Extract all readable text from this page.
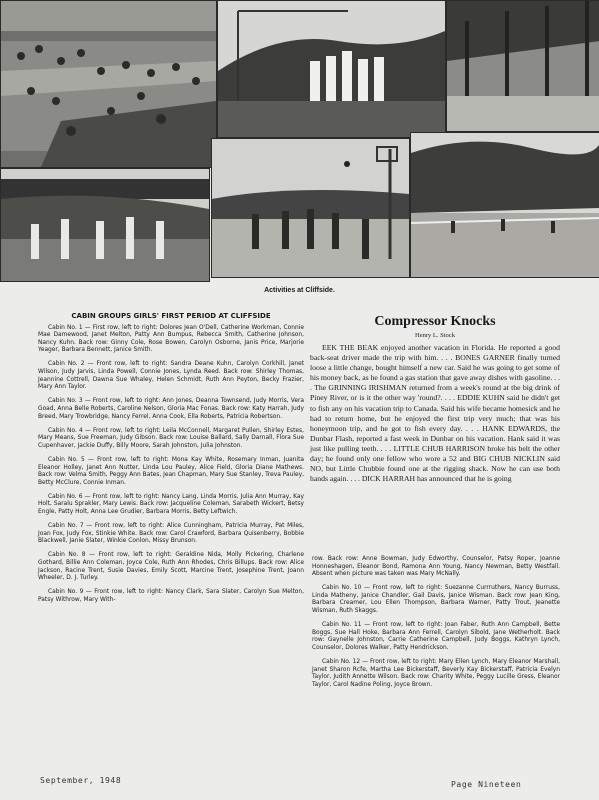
Activities at Cliffside.
CABIN GROUPS GIRLS' FIRST PERIOD AT CLIFFSIDE

Cabin No. 1 — First row, left to right: Dolores Jean O'Dell, Catherine Workman, Connie Mae Damewood, Janet Melton, Patty Ann Bumpus, Rebecca Smith, Catherine Johnson, Nancy Kuhn. Back row: Ginny Cole, Rose Bowen, Carolyn Osborne, Janis Price, Marjorie Yeager, Barbara Bennett, Janice Smith.

Cabin No. 2 — Front row, left to right: Sandra Deane Kuhn, Carolyn Corkhill, Janet Wilson, Judy Jarvis, Linda Powell, Connie Jones, Lynda Reed. Back row: Shirley Thomas, Jeannine Cottrell, Dawna Sue Whaley, Helen Schmidt, Ruth Ann Peyton, Becky Frazier, Mary Ann Taylor.

Cabin No. 3 — Front row, left to right: Ann Jones, Deanna Townsend, Judy Morris, Vera Goad, Anna Belle Roberts, Caroline Nelson, Gloria Mac Fonas. Back row: Katy Harrah, Judy Breed, Mary Trowbridge, Nancy Ferrel, Anna Cook, Ella Roberts, Patricia Robertson.

Cabin No. 4 — Front row, left to right: Leila McConnell, Margaret Pullen, Shirley Estes, Mary Means, Sue Freeman, Judy Gibson. Back row: Louise Ballard, Sally Darnall, Flora Sue Cupenhaver, Jackie Duffy, Billy Moore, Sarah Johnston, Julia Johnston.

Cabin No. 5 — Front row, left to right: Mona Kay White, Rosemary Inman, Juanita Eleanor Holley, Janet Ann Nutter, Linda Lou Pauley, Alice Field, Gloria Diane Mathews. Back row: Velma Smith, Peggy Ann Bates, Jean Chapman, Mary Sue Stanley, Treva Pauley, Betty McClure, Connie Inman.

Cabin No. 6 — Front row, left to right: Nancy Lang, Linda Morris, Julia Ann Murray, Kay Holt, Saralu Sprakler, Mary Lewis. Back row: Jacqueline Coleman, Sarabeth Wickert, Betsy Engle, Patty Holt, Anna Lee Grudier, Barbara Morris, Betty Leftwich.

Cabin No. 7 — Front row, left to right: Alice Cunningham, Patricia Murray, Pat Miles, Joan Fox, Judy Fox, Stinkie White. Back row: Carol Crawford, Barbara Quisenberry, Bobbie Blackwell, Janie Slater, Winkie Conlon, Missy Brunson.

Cabin No. 8 — Front row, left to right: Geraldine Nida, Molly Pickering, Charlene Gothard, Billie Ann Coleman, Joyce Cole, Ruth Ann Rhodes, Chris Billups. Back row: Alice Jackson, Racine Trent, Susie Davies, Emily Scott, Marcine Trent, Josephine Trent, Joann Wheeler, D. J. Turley.

Cabin No. 9 — Front row, left to right: Nancy Clark, Sara Slater, Carolyn Sue Melton, Patsy Withrow, Mary With-

Compressor Knocks
Henry L. Stock

EEK THE BEAK enjoyed another vacation in Florida. He reported a good back-seat driver made the trip with him. . . . BONES GARNER finally turned loose a little change, bought himself a new car. Said he was going to get some of his money back, as he found a gas station that gave away dishes with gasoline. . . . The GRINNING IRISHMAN returned from a week's round at the big drink of Piney River, or is it the other way 'round?. . . . EDDIE KUHN said he didn't get to fish any on his vacation trip to Canada. Said his wife became homesick and he had to return home, but he enjoyed the first trip very much; that was his honeymoon trip, and he got to fish every day. . . . HANK EDWARDS, the Dunbar Flash, reported a fast week in Dunbar on his vacation. Hank said it was just like pulling teeth. . . . LITTLE CHUB HARRISON broke his belt the other day; he found only one fellow who wore a 52 and BIG CHUB NICKLIN said NO, but Little Chubbie found one at the rigging shack. Now he can use both hands again. . . . DICK HARRAH has announced that he is going

row. Back row: Anne Bowman, Judy Edworthy, Counselor, Patsy Roper, Joanne Honneshagen, Eleanor Bond, Ramona Ann Young, Nancy Newman, Betty Westfall. Absent when picture was taken was Mary McNally.

Cabin No. 10 — Front row, left to right: Suezanne Currruthers, Nancy Burruss, Linda Matheny, Janice Chandler, Gail Davis, Janice Wisman. Back row: Jean King, Barbara Creamer, Lou Ellen Thompson, Barbara Warner, Patty Trout, Jeanette Wisman, Ruth Skaggs.

Cabin No. 11 — Front row, left to right: Joan Faber, Ruth Ann Campbell, Bette Boggs, Sue Hall Hoke, Barbara Ann Ferrell, Carolyn Sibold, Jane Wetherholt. Back row: Gaynelle Johnston, Carrie Catherine Campbell, Judy Boggs, Kathryn Lynch, Counselor, Dolores Walker, Patty Hendrickson.

Cabin No. 12 — Front row, left to right: Mary Ellen Lynch, Mary Eleanor Marshall, Janet Sharon Rcfe, Martha Lee Bickerstaff, Beverly Kay Bickerstaff, Patricia Evelyn Taylor, Judith Annette Wilson. Back row: Charity White, Peggy Lucille Gress, Eleanor Taylor, Carol Nadine Poling, Joyce Brown.

September, 1948	Page Nineteen
